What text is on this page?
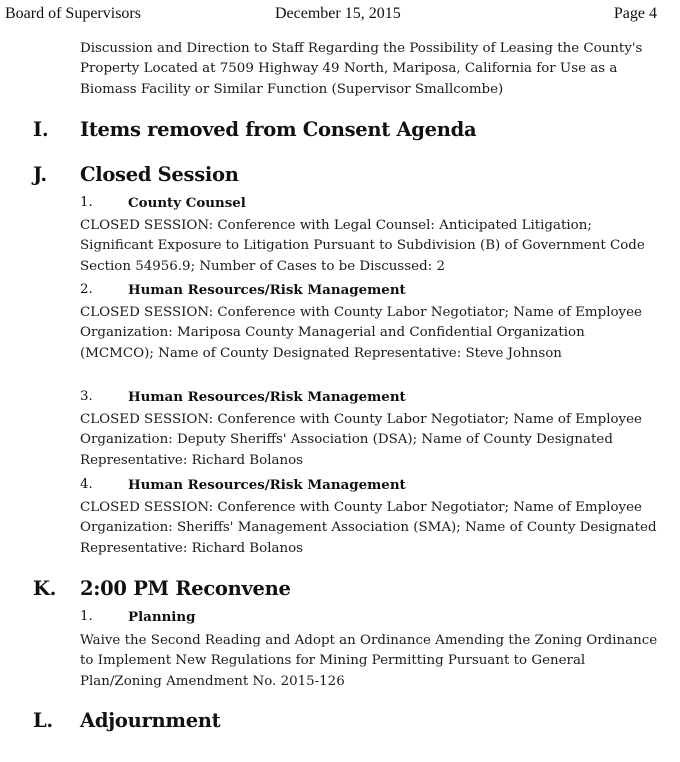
Board of Supervisors	December 15, 2015	Page 4
Discussion and Direction to Staff Regarding the Possibility of Leasing the County's Property Located at 7509 Highway 49 North, Mariposa, California for Use as a Biomass Facility or Similar Function (Supervisor Smallcombe)
I. Items removed from Consent Agenda
J. Closed Session
1.	County Counsel
CLOSED SESSION: Conference with Legal Counsel: Anticipated Litigation; Significant Exposure to Litigation Pursuant to Subdivision (B) of Government Code Section 54956.9; Number of Cases to be Discussed: 2
2.	Human Resources/Risk Management
CLOSED SESSION: Conference with County Labor Negotiator; Name of Employee Organization: Mariposa County Managerial and Confidential Organization (MCMCO); Name of County Designated Representative: Steve Johnson
3.	Human Resources/Risk Management
CLOSED SESSION: Conference with County Labor Negotiator; Name of Employee Organization: Deputy Sheriffs' Association (DSA); Name of County Designated Representative: Richard Bolanos
4.	Human Resources/Risk Management
CLOSED SESSION: Conference with County Labor Negotiator; Name of Employee Organization: Sheriffs' Management Association (SMA); Name of County Designated Representative: Richard Bolanos
K. 2:00 PM Reconvene
1.	Planning
Waive the Second Reading and Adopt an Ordinance Amending the Zoning Ordinance to Implement New Regulations for Mining Permitting Pursuant to General Plan/Zoning Amendment No. 2015-126
L. Adjournment
